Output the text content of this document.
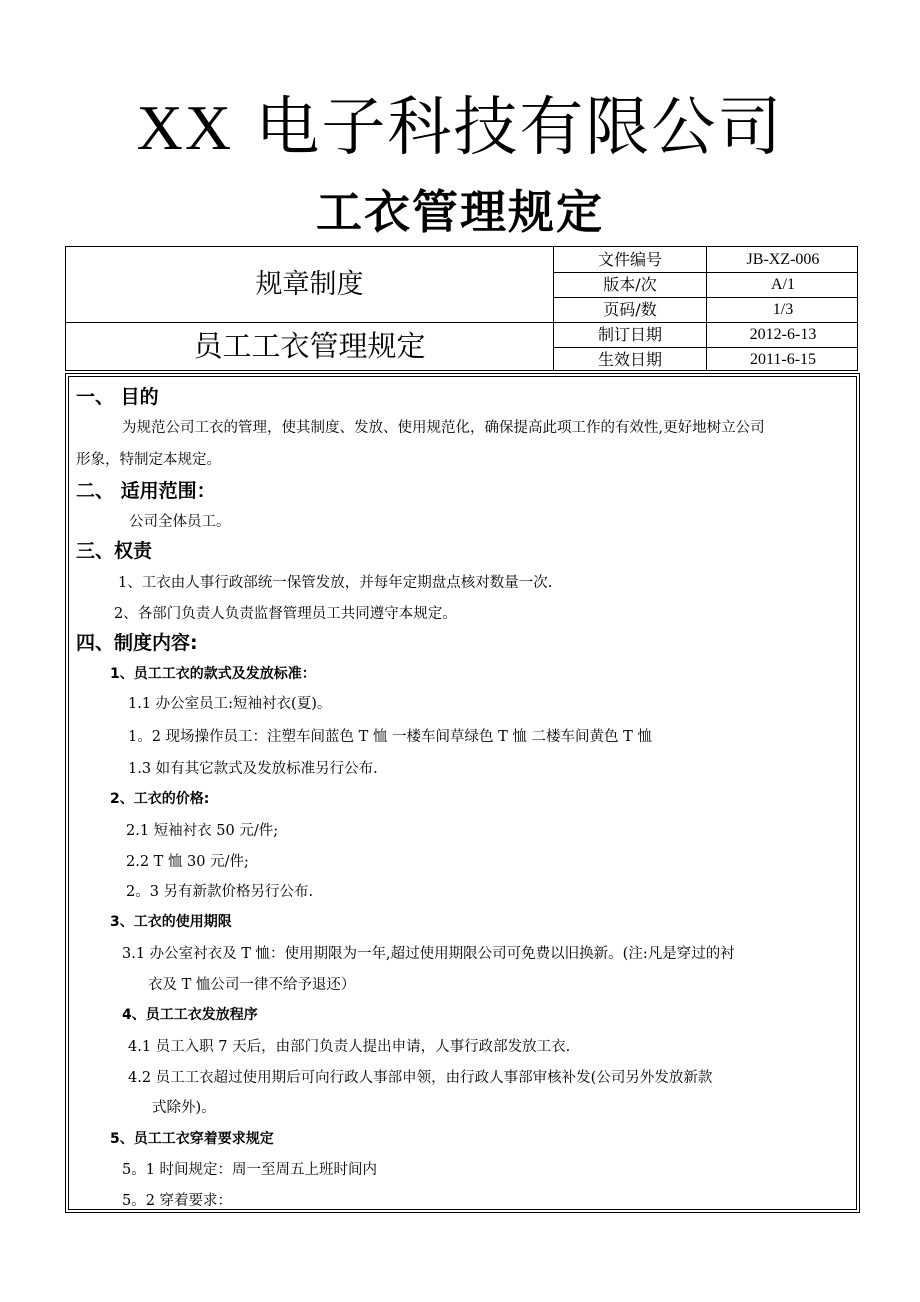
XX 电子科技有限公司
工衣管理规定
规章制度
员工工衣管理规定
文件编号	JB-XZ-006
版本/次	A/1
页码/数	1/3
制订日期	2012-6-13
生效日期	2011-6-15
一、 目的
为规范公司工衣的管理，使其制度、发放、使用规范化，确保提高此项工作的有效性,更好地树立公司
形象，特制定本规定。
二、 适用范围：
公司全体员工。
三、权责
1、工衣由人事行政部统一保管发放，并每年定期盘点核对数量一次.
2、各部门负责人负责监督管理员工共同遵守本规定。
四、制度内容:
1、员工工衣的款式及发放标准：
1.1 办公室员工:短袖衬衣(夏)。
1。2 现场操作员工：注塑车间蓝色 T 恤 一楼车间草绿色 T 恤 二楼车间黄色 T 恤
1.3 如有其它款式及发放标准另行公布.
2、工衣的价格:
2.1 短袖衬衣 50 元/件;
2.2 T 恤 30 元/件;
2。3 另有新款价格另行公布.
3、工衣的使用期限
3.1 办公室衬衣及 T 恤：使用期限为一年,超过使用期限公司可免费以旧换新。(注:凡是穿过的衬
衣及 T 恤公司一律不给予退还）
4、员工工衣发放程序
4.1 员工入职 7 天后，由部门负责人提出申请，人事行政部发放工衣.
4.2 员工工衣超过使用期后可向行政人事部申领，由行政人事部审核补发(公司另外发放新款
式除外)。
5、员工工衣穿着要求规定
5。1 时间规定：周一至周五上班时间内
5。2 穿着要求：
